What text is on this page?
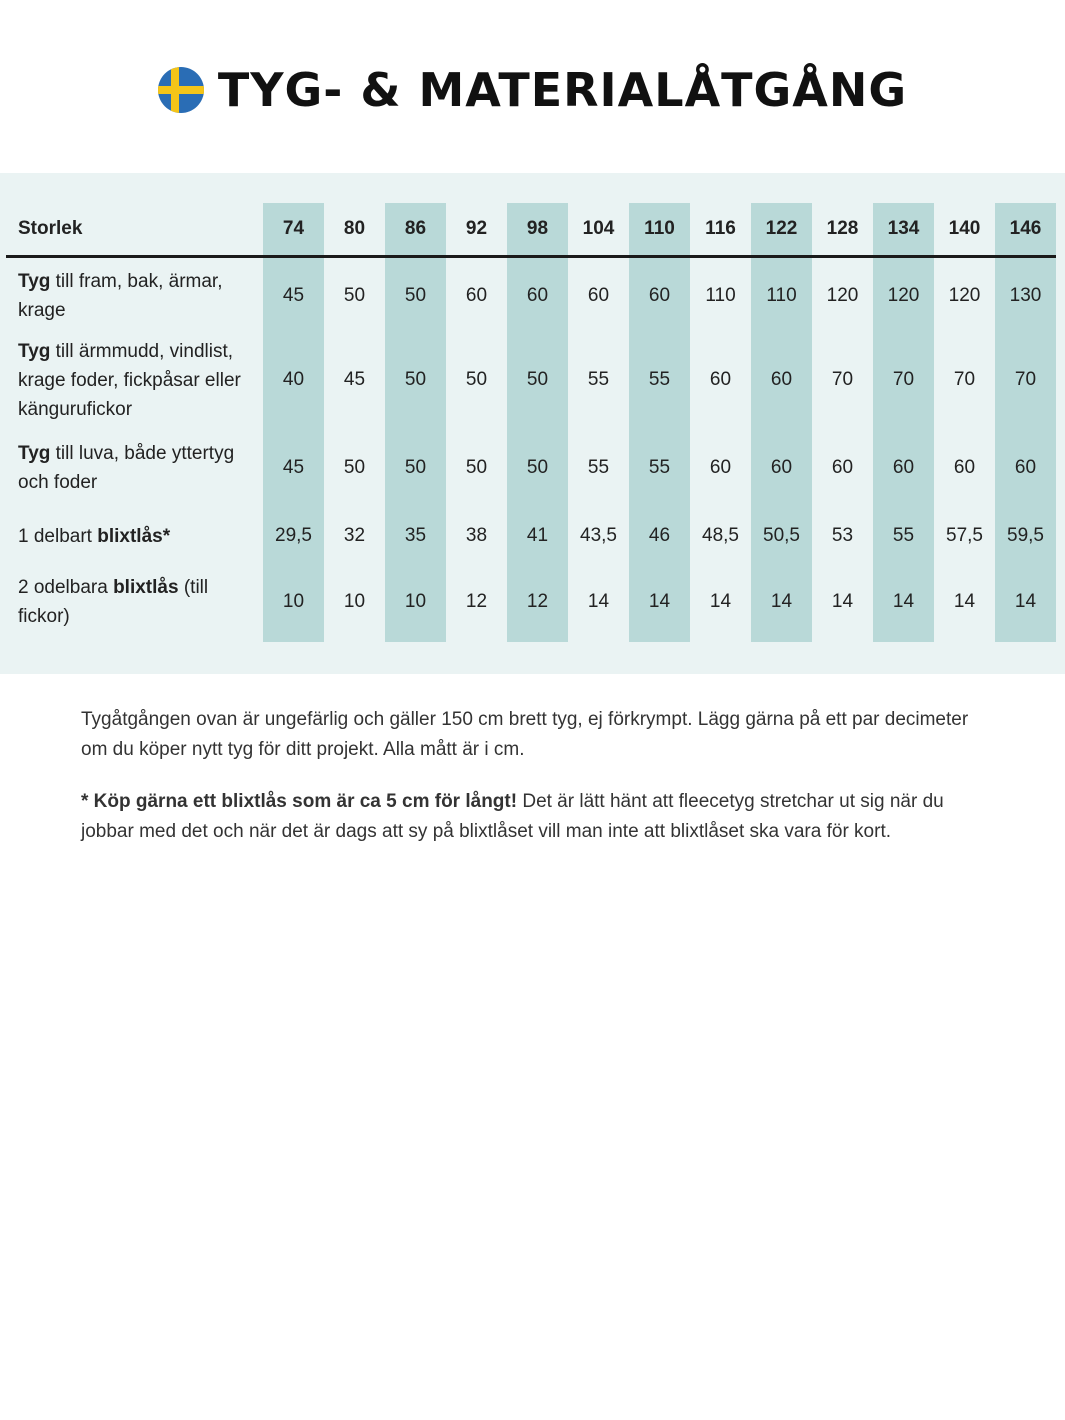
TYG- & MATERIALÅTGÅNG
Storlek	74	80	86	92	98	104	110	116	122	128	134	140	146
Tyg till fram, bak, ärmar, krage	45	50	50	60	60	60	60	110	110	120	120	120	130
Tyg till ärmmudd, vindlist, krage foder, fickpåsar eller kängurufickor	40	45	50	50	50	55	55	60	60	70	70	70	70
Tyg till luva, både yttertyg och foder	45	50	50	50	50	55	55	60	60	60	60	60	60
1 delbart blixtlås*	29,5	32	35	38	41	43,5	46	48,5	50,5	53	55	57,5	59,5
2 odelbara blixtlås (till fickor)	10	10	10	12	12	14	14	14	14	14	14	14	14

Tygåtgången ovan är ungefärlig och gäller 150 cm brett tyg, ej förkrympt. Lägg gärna på ett par decimeter om du köper nytt tyg för ditt projekt. Alla mått är i cm.

* Köp gärna ett blixtlås som är ca 5 cm för långt! Det är lätt hänt att fleecetyg stretchar ut sig när du jobbar med det och när det är dags att sy på blixtlåset vill man inte att blixtlåset ska vara för kort.
